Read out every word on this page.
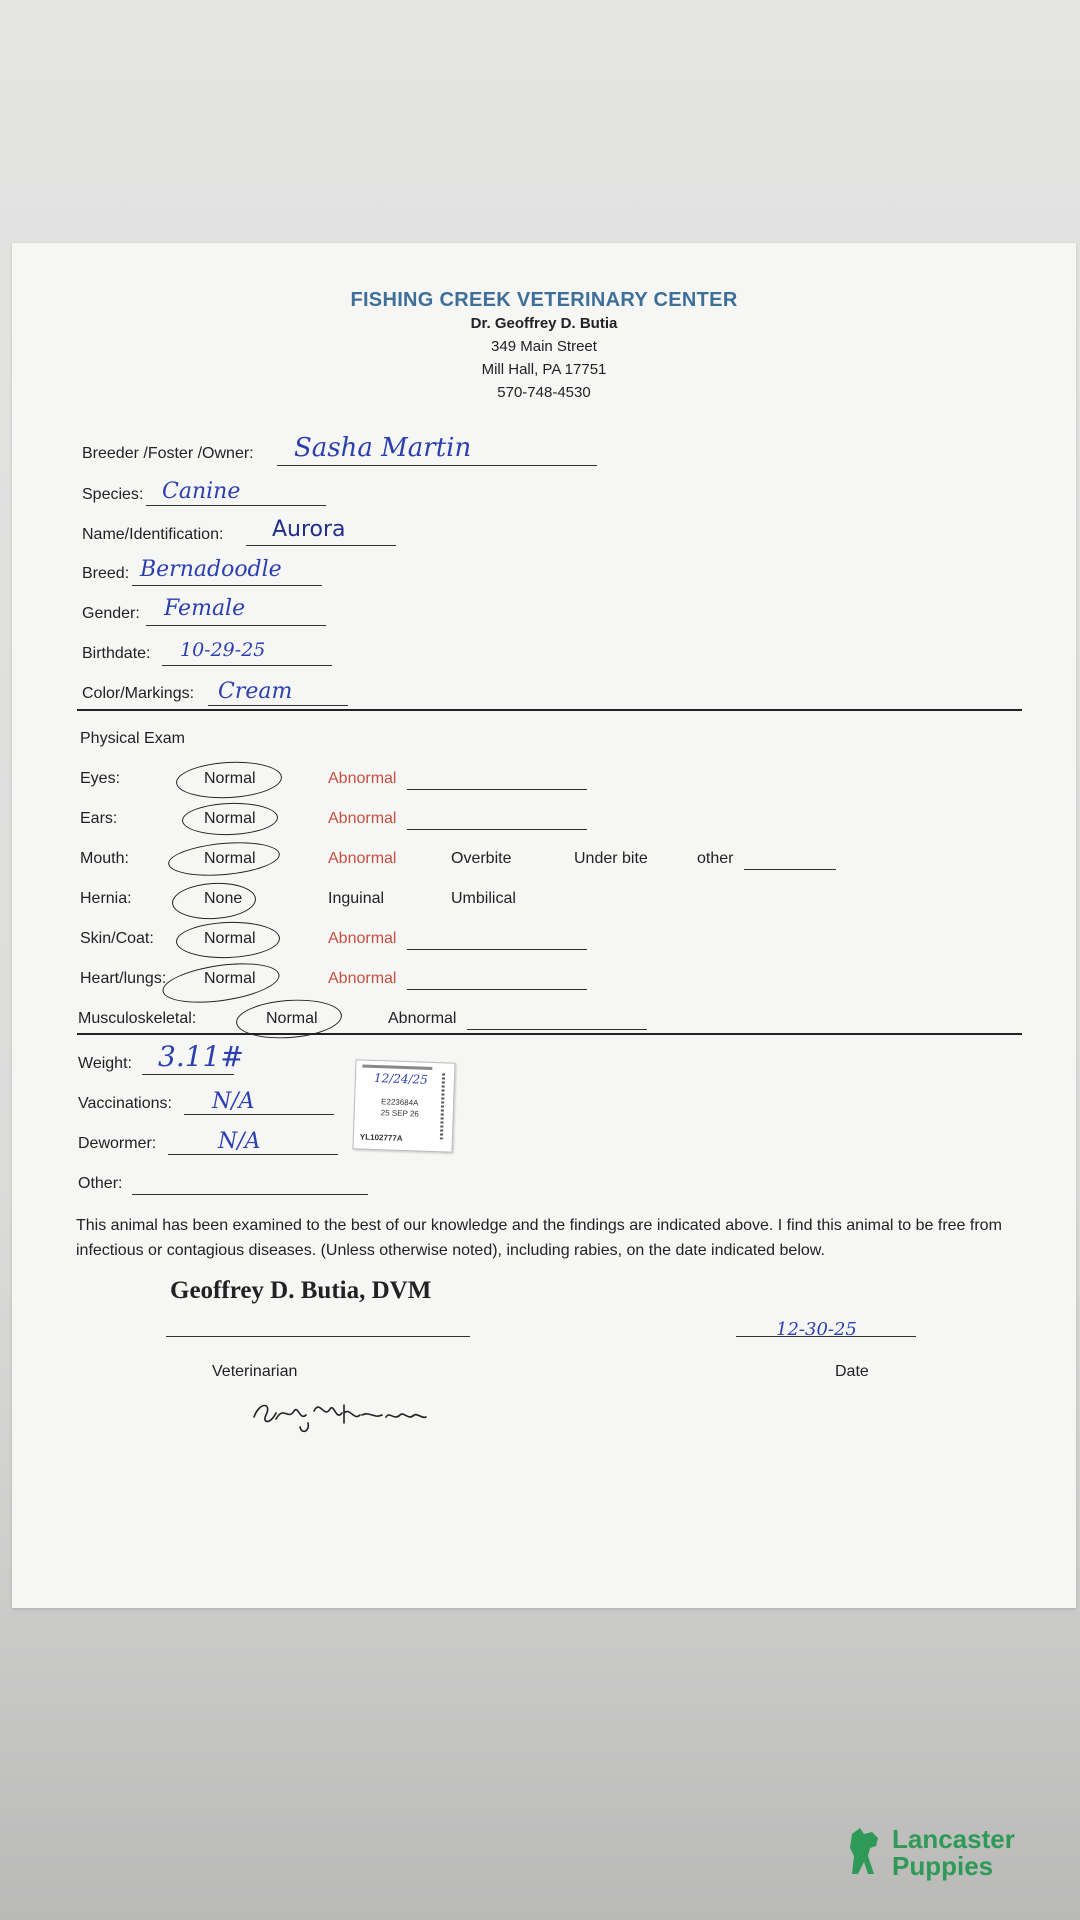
FISHING CREEK VETERINARY CENTER
Dr. Geoffrey D. Butia
349 Main Street
Mill Hall, PA 17751
570-748-4530
Breeder /Foster /Owner: Sasha Martin
Species: Canine
Name/Identification: Aurora
Breed: Bernadoodle
Gender: Female
Birthdate: 10-29-25
Color/Markings: Cream
Physical Exam
Eyes:	Normal	Abnormal
Ears:	Normal	Abnormal
Mouth:	Normal	Abnormal	Overbite	Under bite	other
Hernia:	None	Inguinal	Umbilical
Skin/Coat:	Normal	Abnormal
Heart/lungs: Normal	Abnormal
Musculoskeletal:	Normal	Abnormal
Weight: 3.11#
Vaccinations: N/A
Dewormer:	N/A
Other:
12/24/25
E223684A
25 SEP 26
YL102777A
This animal has been examined to the best of our knowledge and the findings are indicated above. I find this animal to be free from infectious or contagious diseases. (Unless otherwise noted), including rabies, on the date indicated below.
Geoffrey D. Butia, DVM
Veterinarian
12-30-25
Date
Lancaster
Puppies
